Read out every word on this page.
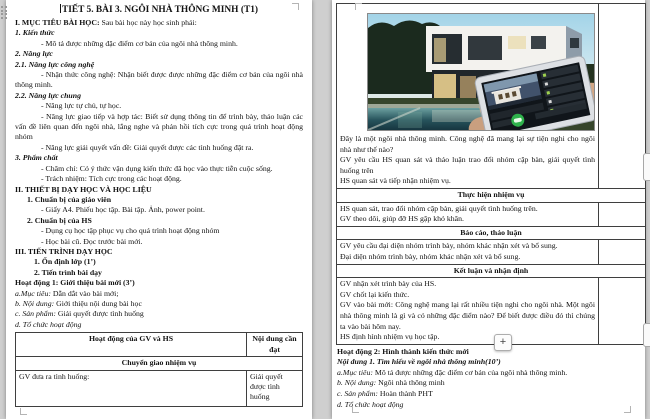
TIẾT 5. BÀI 3. NGÔI NHÀ THÔNG MINH (T1)

I. MỤC TIÊU BÀI HỌC: Sau bài học này học sinh phải:

1. Kiến thức

- Mô tả được những đặc điểm cơ bản của ngôi nhà thông minh.

2. Năng lực

2.1. Năng lực công nghệ

- Nhận thức công nghệ: Nhận biết được được những đặc điểm cơ bản của ngôi nhà thông minh.

2.2. Năng lực chung

- Năng lực tự chủ, tự học.

- Năng lực giao tiếp và hợp tác: Biết sử dụng thông tin để trình bày, thảo luận các vấn đề liên quan đến ngôi nhà, lắng nghe và phản hồi tích cực trong quá trình hoạt động nhóm

- Năng lực giải quyết vấn đề: Giải quyết được các tình huống đặt ra.

3. Phẩm chất

- Chăm chỉ: Có ý thức vận dụng kiến thức đã học vào thực tiễn cuộc sống.

- Trách nhiệm: Tích cực trong các hoạt động.

II. THIẾT BỊ DẠY HỌC VÀ HỌC LIỆU

1. Chuẩn bị của giáo viên

- Giấy A4. Phiếu học tập. Bài tập. Ảnh, power point.

2. Chuẩn bị của HS

- Dụng cụ học tập phục vụ cho quá trình hoạt động nhóm

- Học bài cũ. Đọc trước bài mới.

III. TIẾN TRÌNH DẠY HỌC

1. Ổn định lớp (1’)

2. Tiến trình bài dạy

Hoạt động 1: Giới thiệu bài mới (3’)

a.Mục tiêu: Dẫn dắt vào bài mới;

b. Nội dung: Giới thiệu nội dung bài học

c. Sản phẩm: Giải quyết được tình huống

d. Tổ chức hoạt động

Hoạt động của GV và HS	Nội dung cần đạt
Chuyển giao nhiệm vụ	
GV đưa ra tình huống:	Giải quyết được tình huống

Đây là một ngôi nhà thông minh. Công nghệ đã mang lại sự tiện nghi cho ngôi nhà như thế nào?

GV yêu cầu HS quan sát và thảo luận trao đổi nhóm cặp bàn, giải quyết tình huống trên

HS quan sát và tiếp nhận nhiệm vụ.	

Thực hiện nhiệm vụ	

HS quan sát, trao đổi nhóm cặp bàn, giải quyết tình huống trên.

GV theo dõi, giúp đỡ HS gặp khó khăn.	

Báo cáo, thảo luận	

GV yêu cầu đại diện nhóm trình bày, nhóm khác nhận xét và bổ sung.

Đại diện nhóm trình bày, nhóm khác nhận xét và bổ sung.	

Kết luận và nhận định	

GV nhận xét trình bày của HS.

GV chốt lại kiến thức.

GV vào bài mới: Công nghệ mang lại rất nhiều tiện nghi cho ngôi nhà. Một ngôi nhà thông minh là gì và có những đặc điểm nào? Để biết được điều đó thì chúng ta vào bài hôm nay.

HS định hình nhiệm vụ học tập.	

Hoạt động 2: Hình thành kiến thức mới

Nội dung 1. Tìm hiểu về ngôi nhà thông minh(10’)

a.Mục tiêu: Mô tả được những đặc điểm cơ bản của ngôi nhà thông minh.

b. Nội dung: Ngôi nhà thông minh

c. Sản phẩm: Hoàn thành PHT

d. Tổ chức hoạt động

+
